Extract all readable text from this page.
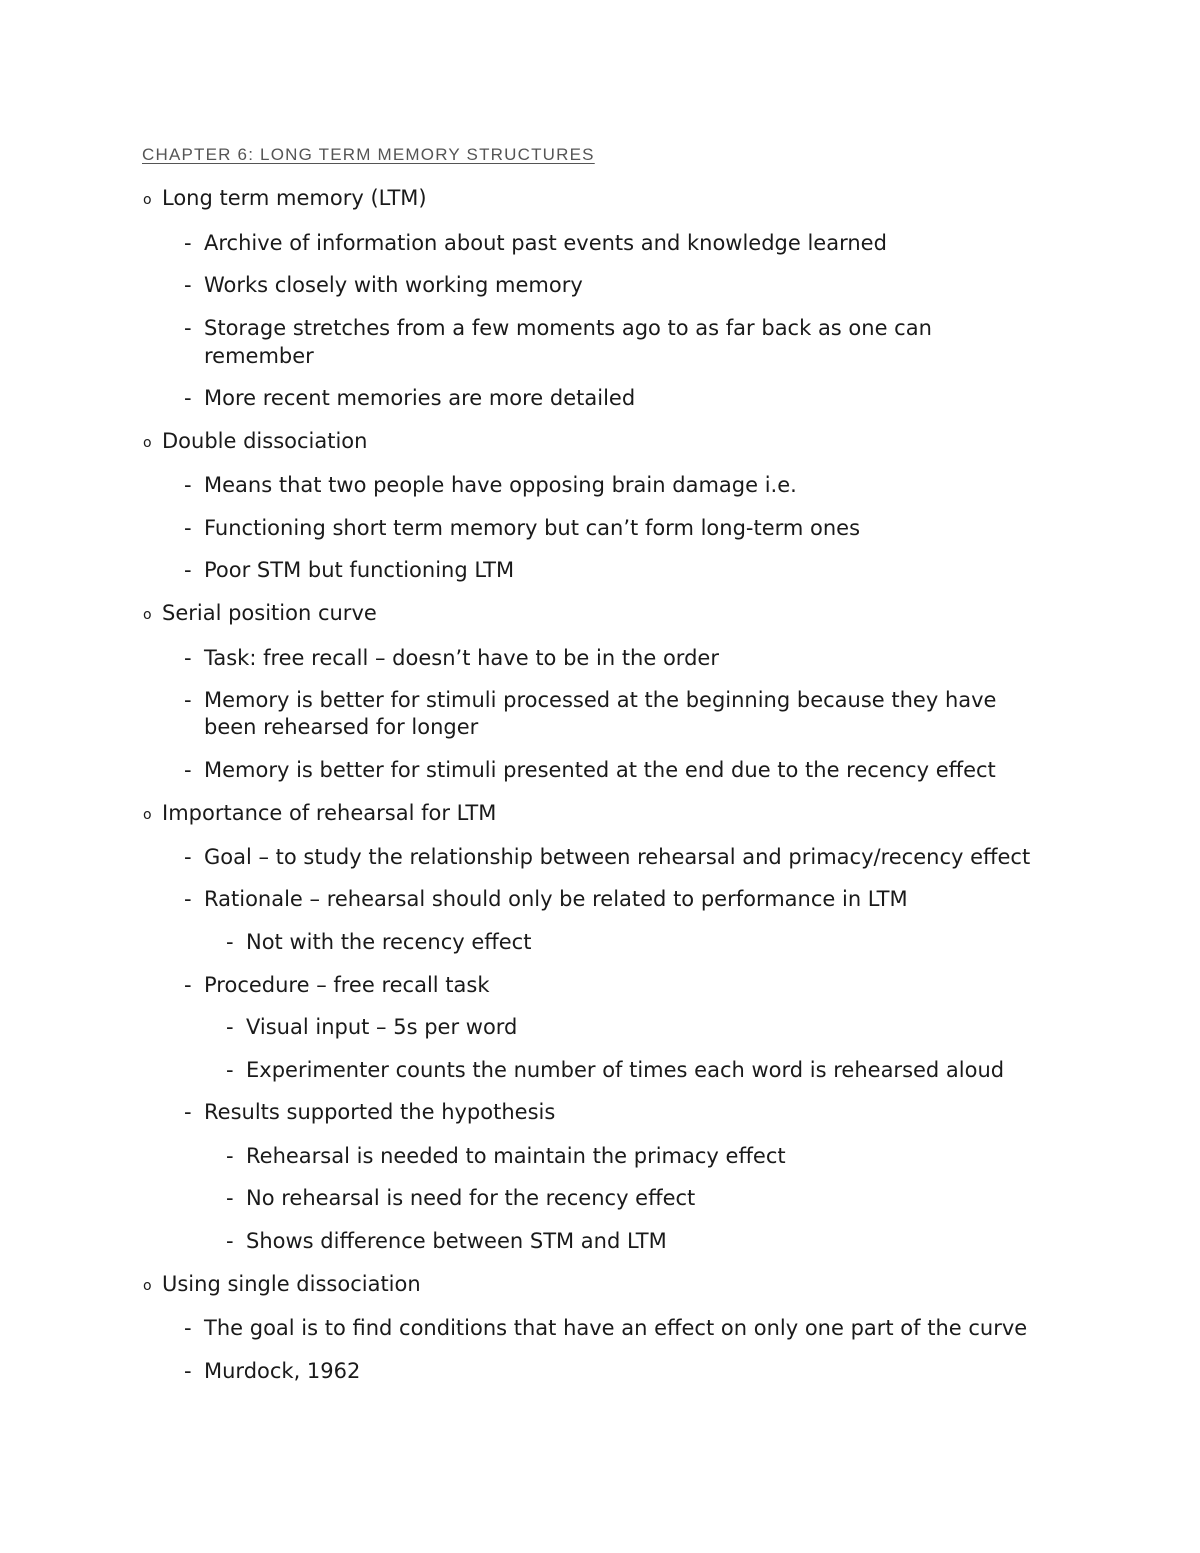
CHAPTER 6: LONG TERM MEMORY STRUCTURES
o Long term memory (LTM)
- Archive of information about past events and knowledge learned
- Works closely with working memory
- Storage stretches from a few moments ago to as far back as one can
remember
- More recent memories are more detailed
o Double dissociation
- Means that two people have opposing brain damage i.e.
- Functioning short term memory but can’t form long-term ones
- Poor STM but functioning LTM
o Serial position curve
- Task: free recall – doesn’t have to be in the order
- Memory is better for stimuli processed at the beginning because they have
been rehearsed for longer
- Memory is better for stimuli presented at the end due to the recency effect
o Importance of rehearsal for LTM
- Goal – to study the relationship between rehearsal and primacy/recency effect
- Rationale – rehearsal should only be related to performance in LTM
- Not with the recency effect
- Procedure – free recall task
- Visual input – 5s per word
- Experimenter counts the number of times each word is rehearsed aloud
- Results supported the hypothesis
- Rehearsal is needed to maintain the primacy effect
- No rehearsal is need for the recency effect
- Shows difference between STM and LTM
o Using single dissociation
- The goal is to find conditions that have an effect on only one part of the curve
- Murdock, 1962
